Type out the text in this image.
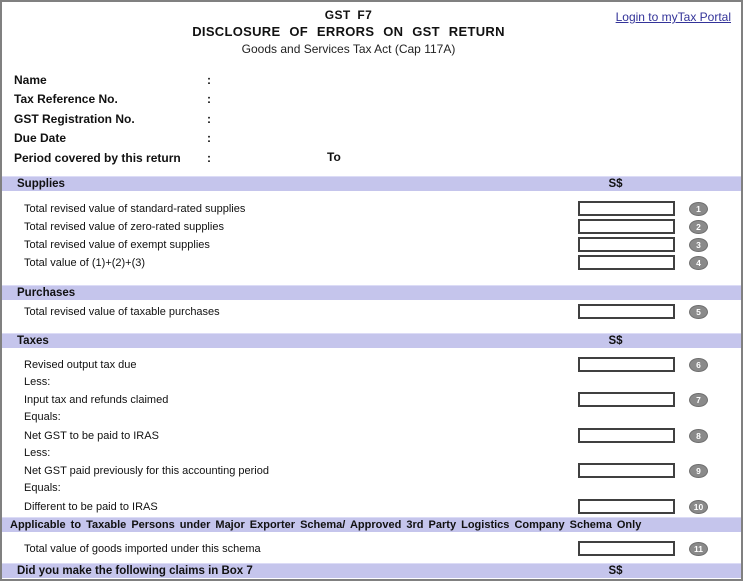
GST F7
DISCLOSURE OF ERRORS ON GST RETURN
Goods and Services Tax Act (Cap 117A)
Login to myTax Portal
Name	:
Tax Reference No.	:
GST Registration No.	:
Due Date	:
Period covered by this return	:	To
Supplies	S$
Total revised value of standard-rated supplies	1
Total revised value of zero-rated supplies	2
Total revised value of exempt supplies	3
Total value of (1)+(2)+(3)	4
Purchases
Total revised value of taxable purchases	5
Taxes	S$
Revised output tax due	6
Less:
Input tax and refunds claimed	7
Equals:
Net GST to be paid to IRAS	8
Less:
Net GST paid previously for this accounting period	9
Equals:
Different to be paid to IRAS	10
Applicable to Taxable Persons under Major Exporter Schema/ Approved 3rd Party Logistics Company Schema Only
Total value of goods imported under this schema	11
Did you make the following claims in Box 7	S$
